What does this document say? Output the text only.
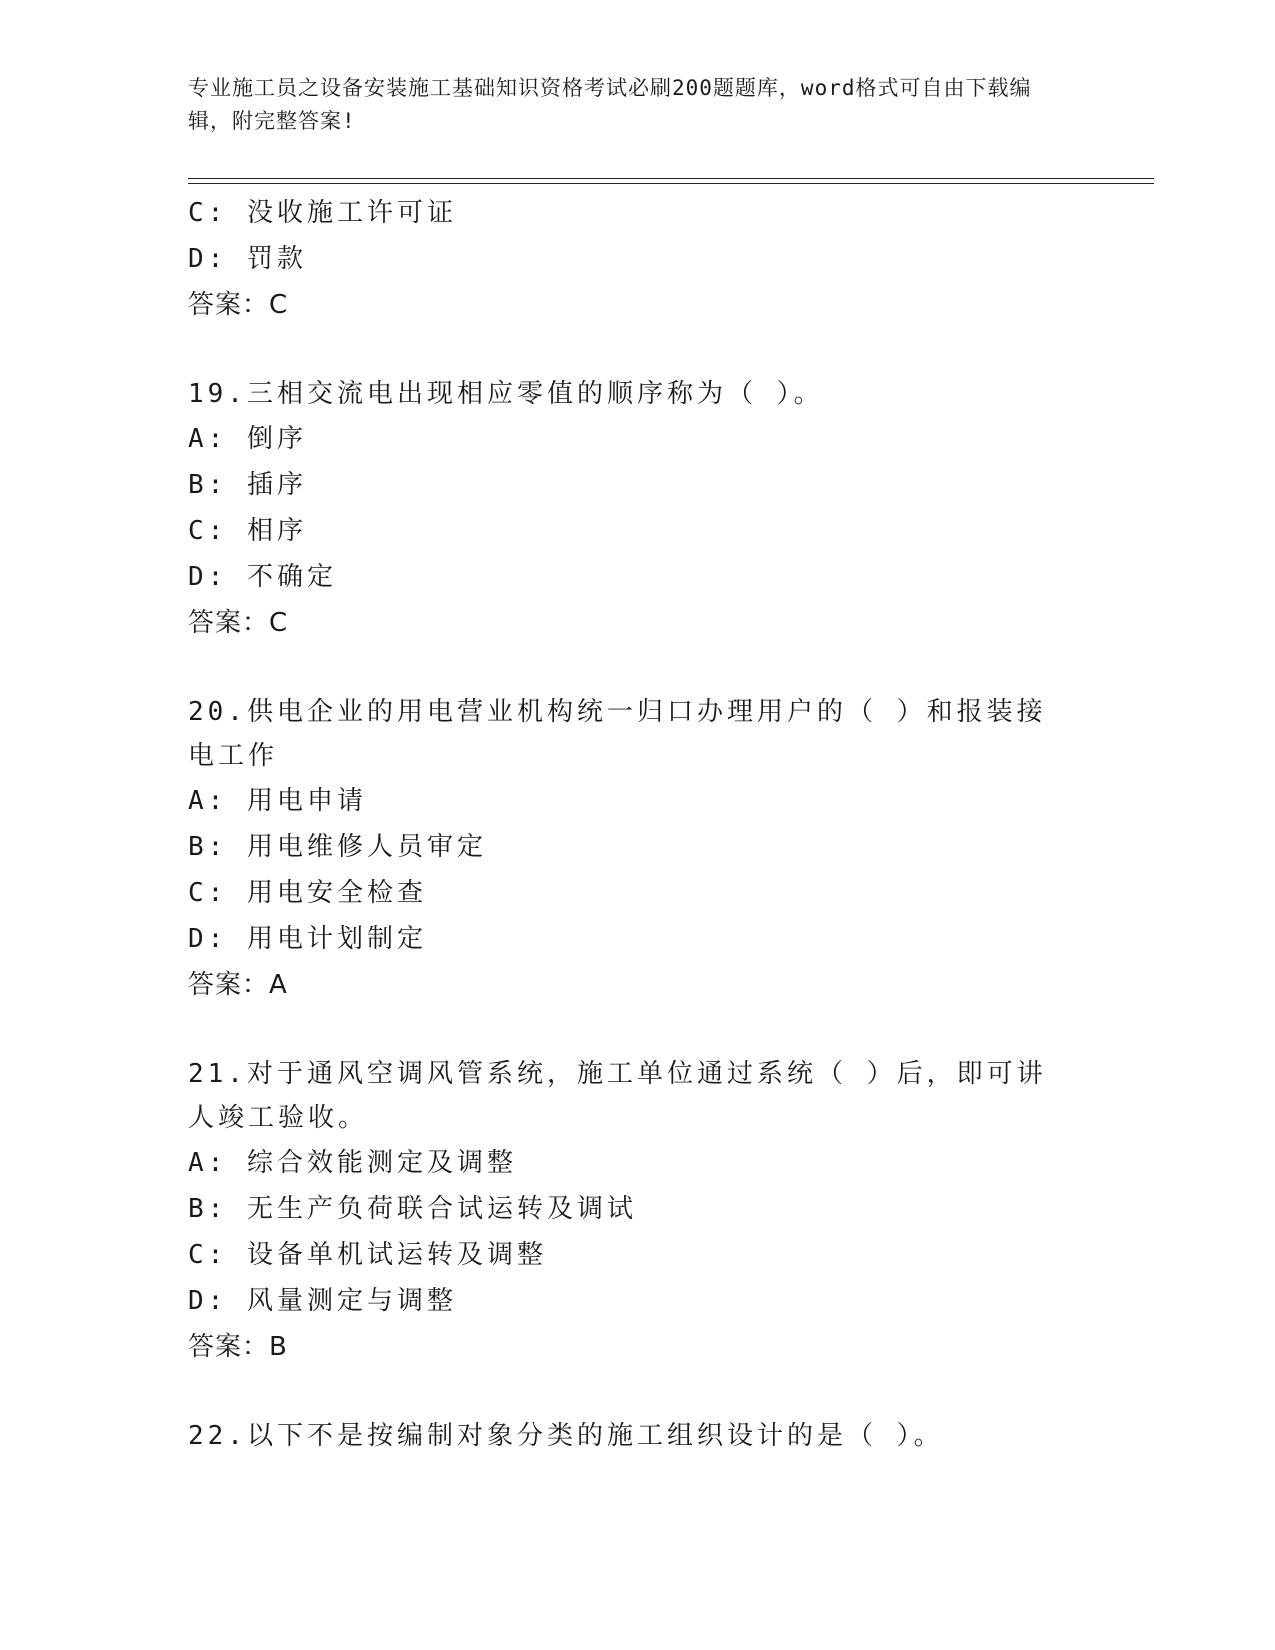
专业施工员之设备安装施工基础知识资格考试必刷200题题库，word格式可自由下载编辑，附完整答案!
C: 没收施工许可证
D: 罚款
答案：C
19.三相交流电出现相应零值的顺序称为（ ）。
A: 倒序
B: 插序
C: 相序
D: 不确定
答案：C
20.供电企业的用电营业机构统一归口办理用户的（ ）和报装接电工作
A: 用电申请
B: 用电维修人员审定
C: 用电安全检查
D: 用电计划制定
答案：A
21.对于通风空调风管系统，施工单位通过系统（ ）后，即可讲人竣工验收。
A: 综合效能测定及调整
B: 无生产负荷联合试运转及调试
C: 设备单机试运转及调整
D: 风量测定与调整
答案：B
22.以下不是按编制对象分类的施工组织设计的是（ ）。
